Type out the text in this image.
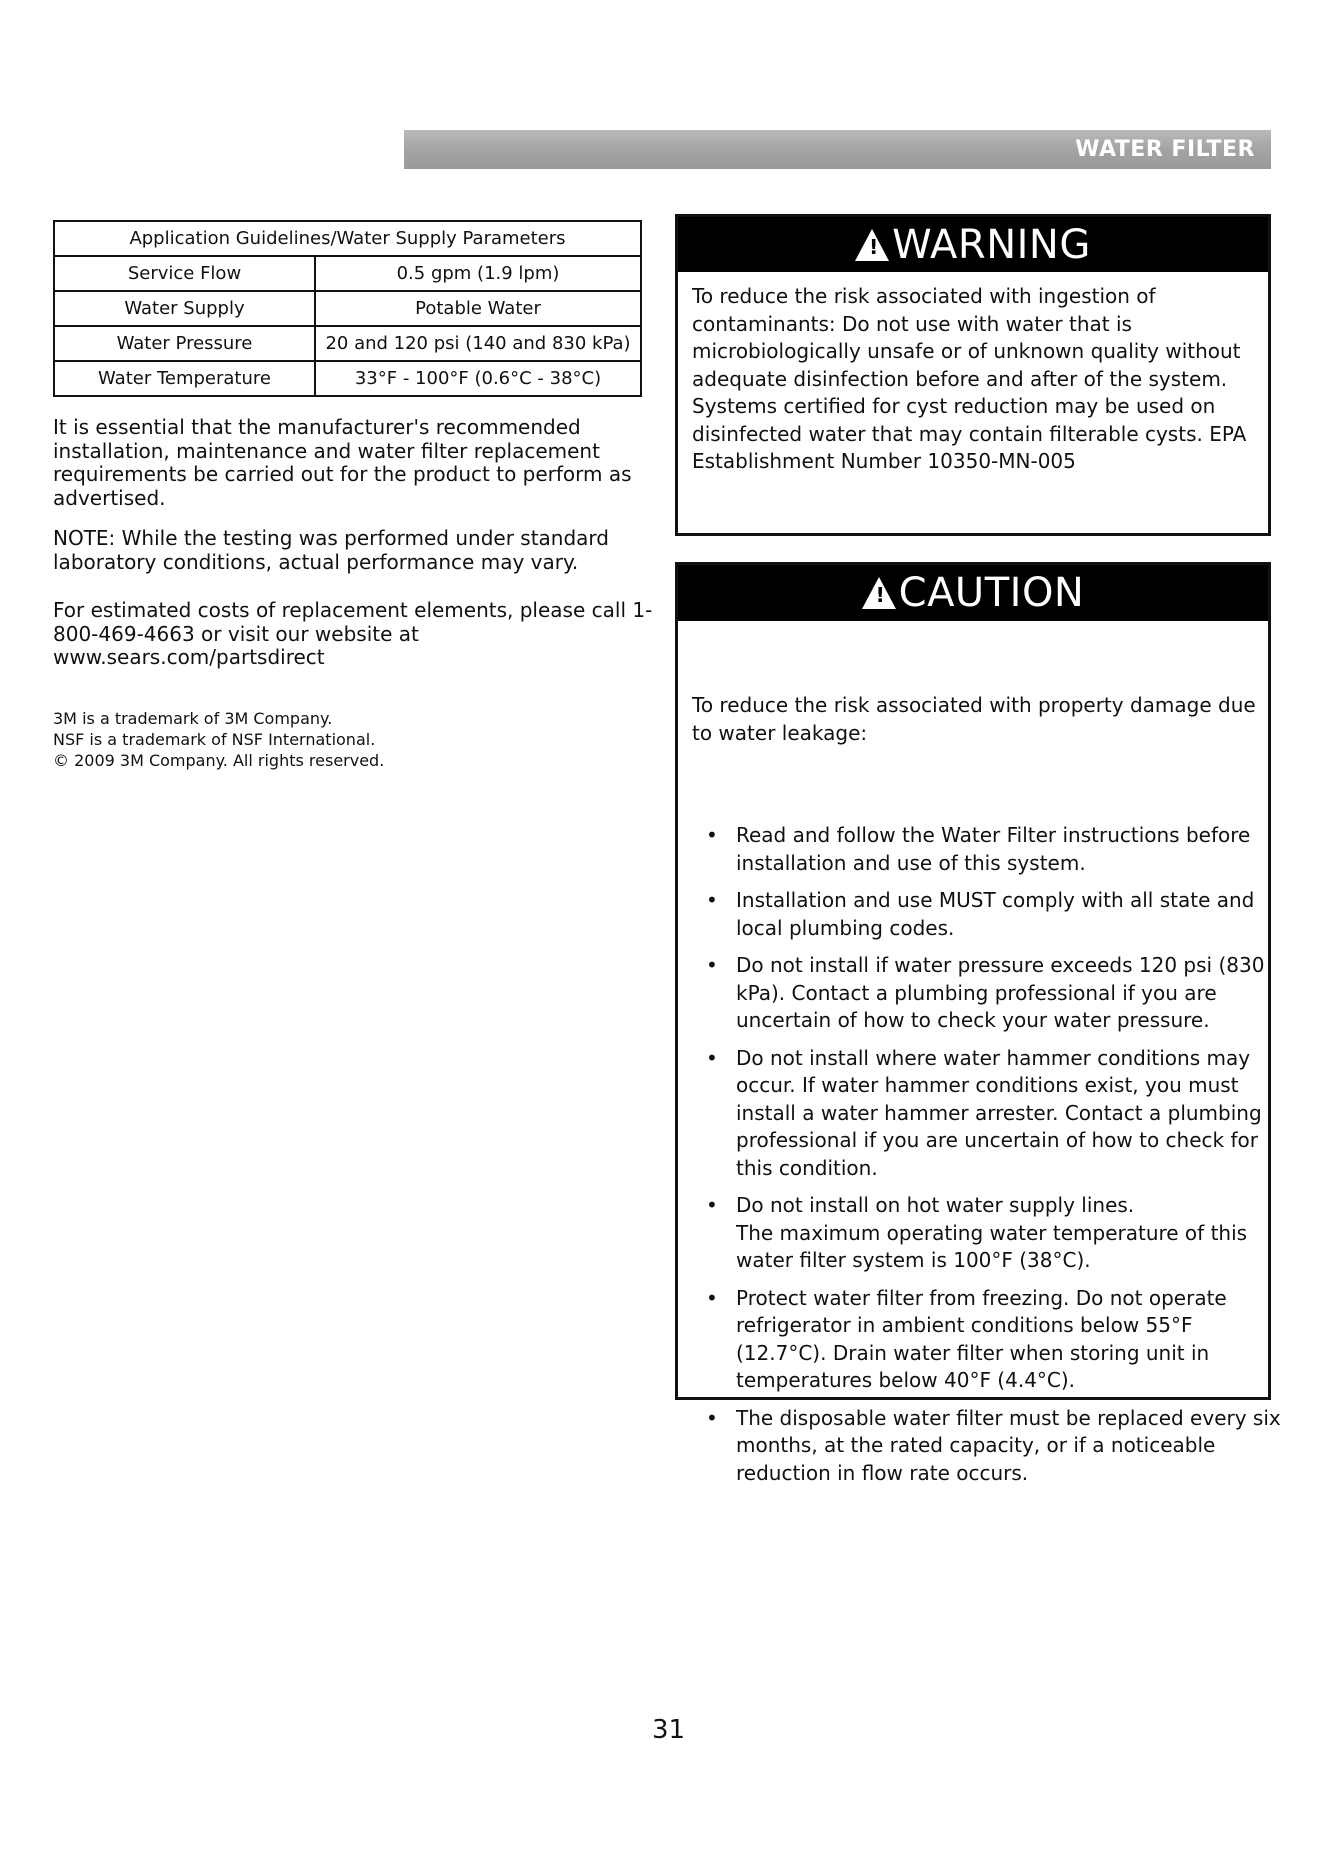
WATER FILTER
Application Guidelines/Water Supply Parameters	
Service Flow	0.5 gpm (1.9 lpm)
Water Supply	Potable Water
Water Pressure	20 and 120 psi (140 and 830 kPa)
Water Temperature	33°F - 100°F (0.6°C - 38°C)

It is essential that the manufacturer's recommended installation, maintenance and water filter replacement requirements be carried out for the product to perform as advertised.

NOTE: While the testing was performed under standard laboratory conditions, actual performance may vary.

For estimated costs of replacement elements, please call 1-800-469-4663 or visit our website at www.sears.com/partsdirect

3M is a trademark of 3M Company.
NSF is a trademark of NSF International.
© 2009 3M Company. All rights reserved.
! WARNING

To reduce the risk associated with ingestion of contaminants: Do not use with water that is microbiologically unsafe or of unknown quality without adequate disinfection before and after of the system. Systems certified for cyst reduction may be used on disinfected water that may contain filterable cysts. EPA Establishment Number 10350-MN-005

! CAUTION

To reduce the risk associated with property damage due to water leakage:

• Read and follow the Water Filter instructions before installation and use of this system.
• Installation and use MUST comply with all state and local plumbing codes.
• Do not install if water pressure exceeds 120 psi (830 kPa). Contact a plumbing professional if you are uncertain of how to check your water pressure.
• Do not install where water hammer conditions may occur. If water hammer conditions exist, you must install a water hammer arrester. Contact a plumbing professional if you are uncertain of how to check for this condition.
• Do not install on hot water supply lines.
The maximum operating water temperature of this water filter system is 100°F (38°C).
• Protect water filter from freezing. Do not operate refrigerator in ambient conditions below 55°F (12.7°C). Drain water filter when storing unit in temperatures below 40°F (4.4°C).
• The disposable water filter must be replaced every six months, at the rated capacity, or if a noticeable reduction in flow rate occurs.
31
